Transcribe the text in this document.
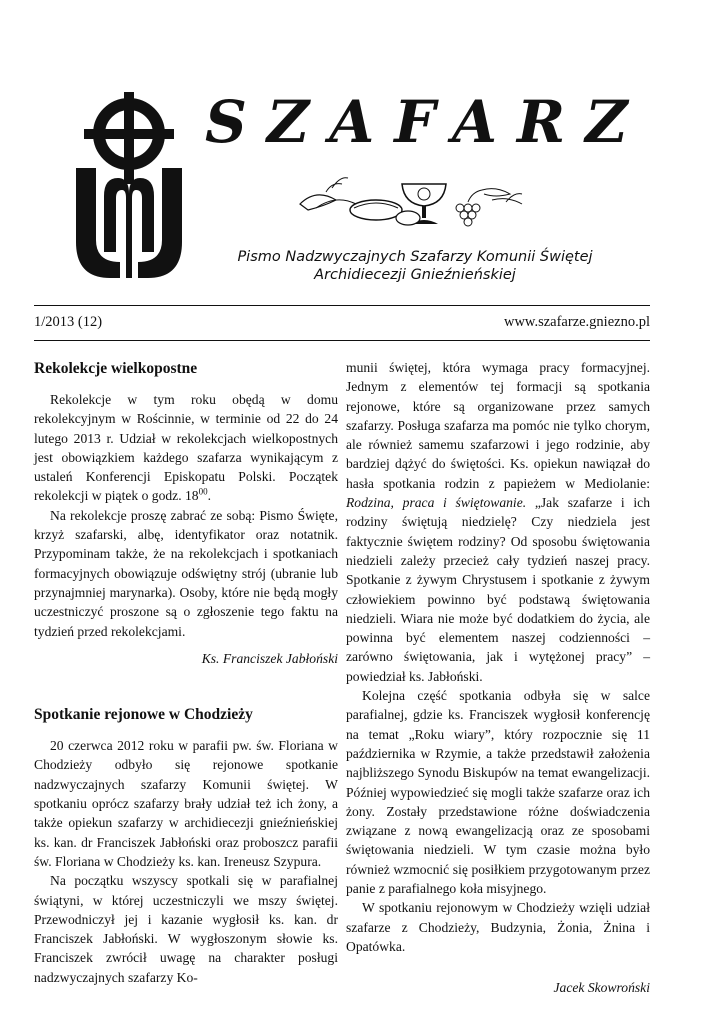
SZAFARZ
Pismo Nadzwyczajnych Szafarzy Komunii Świętej
Archidiecezji Gnieźnieńskiej
1/2013 (12)	www.szafarze.gniezno.pl
Rekolekcje wielkopostne

Rekolekcje w tym roku obędą w domu rekolekcyjnym w Rościnnie, w terminie od 22 do 24 lutego 2013 r. Udział w rekolekcjach wielkopostnych jest obowiązkiem każdego szafarza wynikającym z ustaleń Konferencji Episkopatu Polski. Początek rekolekcji w piątek o godz. $18^{00}$.

Na rekolekcje proszę zabrać ze sobą: Pismo Święte, krzyż szafarski, albę, identyfikator oraz notatnik. Przypominam także, że na rekolekcjach i spotkaniach formacyjnych obowiązuje odświętny strój (ubranie lub przynajmniej marynarka). Osoby, które nie będą mogły uczestniczyć proszone są o zgłoszenie tego faktu na tydzień przed rekolekcjami.

Ks. Franciszek Jabłoński
Spotkanie rejonowe w Chodzieży

20 czerwca 2012 roku w parafii pw. św. Floriana w Chodzieży odbyło się rejonowe spotkanie nadzwyczajnych szafarzy Komunii świętej. W spotkaniu oprócz szafarzy brały udział też ich żony, a także opiekun szafarzy w archidiecezji gnieźnieńskiej ks. kan. dr Franciszek Jabłoński oraz proboszcz parafii św. Floriana w Chodzieży ks. kan. Ireneusz Szypura.

Na początku wszyscy spotkali się w parafialnej świątyni, w której uczestniczyli we mszy świętej. Przewodniczył jej i kazanie wygłosił ks. kan. dr Franciszek Jabłoński. W wygłoszonym słowie ks. Franciszek zwrócił uwagę na charakter posługi nadzwyczajnych szafarzy Ko-

munii świętej, która wymaga pracy formacyjnej. Jednym z elementów tej formacji są spotkania rejonowe, które są organizowane przez samych szafarzy. Posługa szafarza ma pomóc nie tylko chorym, ale również samemu szafarzowi i jego rodzinie, aby bardziej dążyć do świętości. Ks. opiekun nawiązał do hasła spotkania rodzin z papieżem w Mediolanie: Rodzina, praca i świętowanie. „Jak szafarze i ich rodziny świętują niedzielę? Czy niedziela jest faktycznie świętem rodziny? Od sposobu świętowania niedzieli zależy przecież cały tydzień naszej pracy. Spotkanie z żywym Chrystusem i spotkanie z żywym człowiekiem powinno być podstawą świętowania niedzieli. Wiara nie może być dodatkiem do życia, ale powinna być elementem naszej codzienności – zarówno świętowania, jak i wytężonej pracy” – powiedział ks. Jabłoński.

Kolejna część spotkania odbyła się w salce parafialnej, gdzie ks. Franciszek wygłosił konferencję na temat „Roku wiary”, który rozpocznie się 11 października w Rzymie, a także przedstawił założenia najbliższego Synodu Biskupów na temat ewangelizacji. Później wypowiedzieć się mogli także szafarze oraz ich żony. Zostały przedstawione różne doświadczenia związane z nową ewangelizacją oraz ze sposobami świętowania niedzieli. W tym czasie można było również wzmocnić się posiłkiem przygotowanym przez panie z parafialnego koła misyjnego.

W spotkaniu rejonowym w Chodzieży wzięli udział szafarze z Chodzieży, Budzynia, Żonia, Żnina i Opatówka.

Jacek Skowroński
